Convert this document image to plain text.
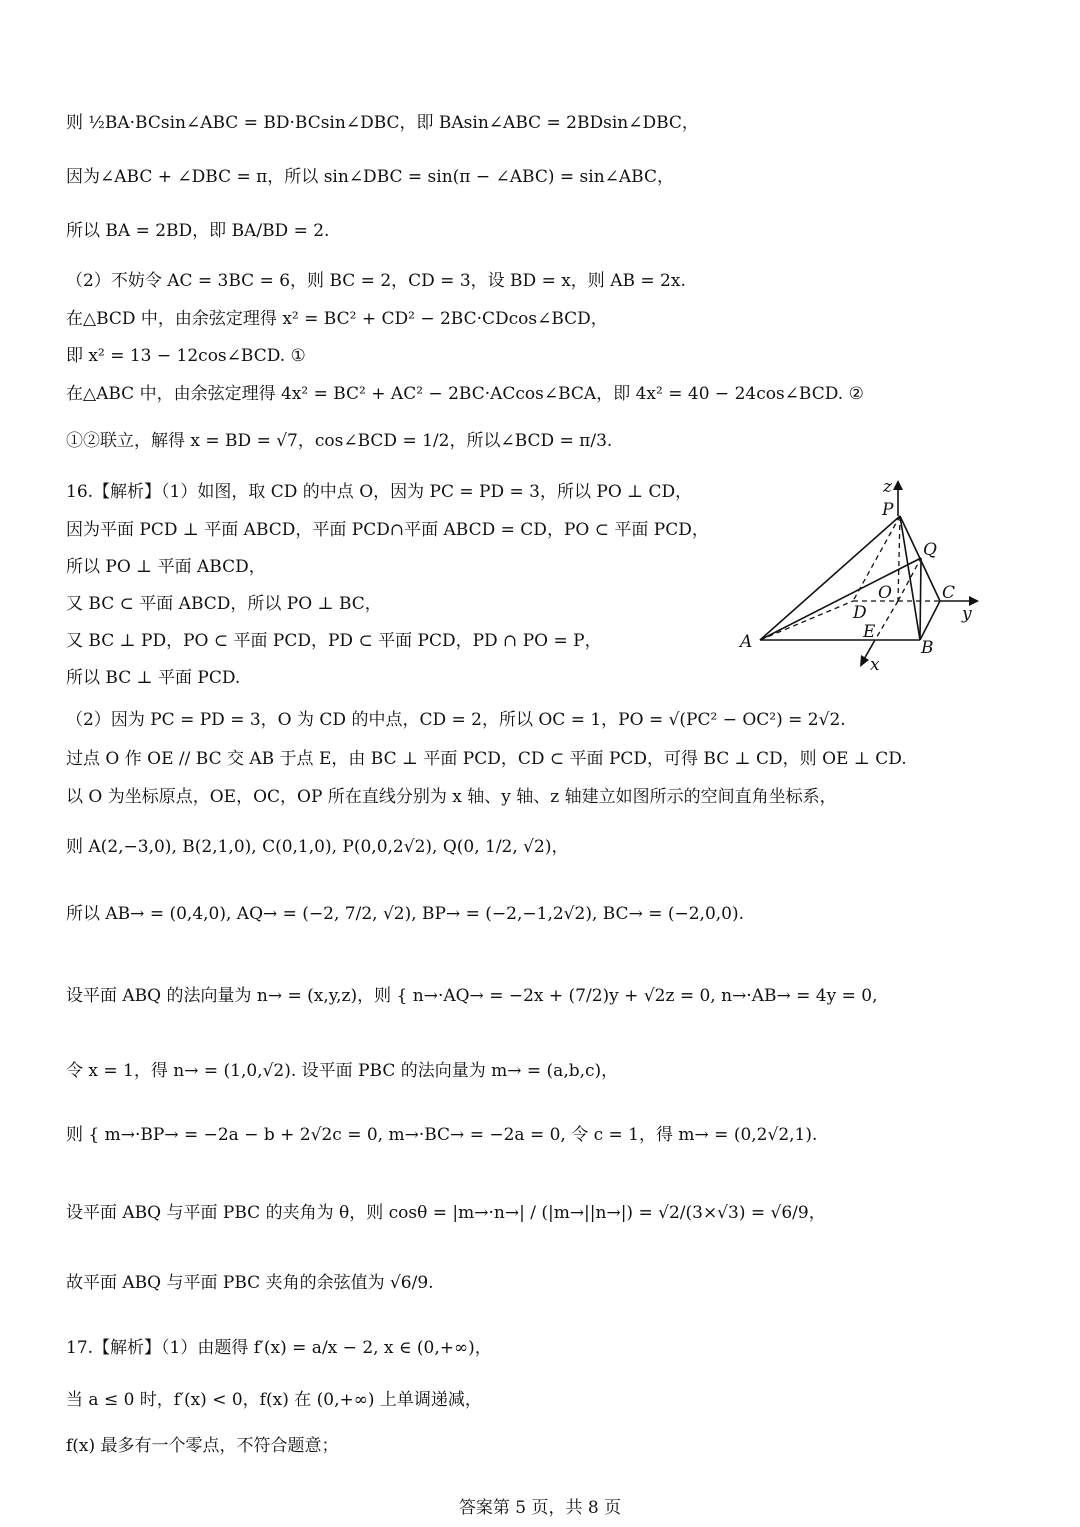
则 ½BA·BCsin∠ABC = BD·BCsin∠DBC，即 BAsin∠ABC = 2BDsin∠DBC，
因为∠ABC + ∠DBC = π，所以 sin∠DBC = sin(π − ∠ABC) = sin∠ABC，
所以 BA = 2BD，即 BA/BD = 2.
（2）不妨令 AC = 3BC = 6，则 BC = 2，CD = 3，设 BD = x，则 AB = 2x.
在△BCD 中，由余弦定理得 x² = BC² + CD² − 2BC·CDcos∠BCD，
即 x² = 13 − 12cos∠BCD. ①
在△ABC 中，由余弦定理得 4x² = BC² + AC² − 2BC·ACcos∠BCA，即 4x² = 40 − 24cos∠BCD. ②
①②联立，解得 x = BD = √7，cos∠BCD = 1/2，所以∠BCD = π/3.
16.【解析】（1）如图，取 CD 的中点 O，因为 PC = PD = 3，所以 PO ⊥ CD，
因为平面 PCD ⊥ 平面 ABCD，平面 PCD∩平面 ABCD = CD，PO ⊂ 平面 PCD，
所以 PO ⊥ 平面 ABCD，
又 BC ⊂ 平面 ABCD，所以 PO ⊥ BC，
又 BC ⊥ PD，PO ⊂ 平面 PCD，PD ⊂ 平面 PCD，PD ∩ PO = P，
所以 BC ⊥ 平面 PCD.
（2）因为 PC = PD = 3，O 为 CD 的中点，CD = 2，所以 OC = 1，PO = √(PC² − OC²) = 2√2.
过点 O 作 OE // BC 交 AB 于点 E，由 BC ⊥ 平面 PCD，CD ⊂ 平面 PCD，可得 BC ⊥ CD，则 OE ⊥ CD.
以 O 为坐标原点，OE，OC，OP 所在直线分别为 x 轴、y 轴、z 轴建立如图所示的空间直角坐标系，
则 A(2,−3,0), B(2,1,0), C(0,1,0), P(0,0,2√2), Q(0, 1/2, √2)，
所以 AB→ = (0,4,0), AQ→ = (−2, 7/2, √2), BP→ = (−2,−1,2√2), BC→ = (−2,0,0).
设平面 ABQ 的法向量为 n→ = (x,y,z)，则 { n→·AQ→ = −2x + (7/2)y + √2z = 0, n→·AB→ = 4y = 0,
令 x = 1，得 n→ = (1,0,√2). 设平面 PBC 的法向量为 m→ = (a,b,c)，
则 { m→·BP→ = −2a − b + 2√2c = 0, m→·BC→ = −2a = 0, 令 c = 1，得 m→ = (0,2√2,1).
设平面 ABQ 与平面 PBC 的夹角为 θ，则 cosθ = |m→·n→| / (|m→||n→|) = √2/(3×√3) = √6/9，
故平面 ABQ 与平面 PBC 夹角的余弦值为 √6/9.
17.【解析】（1）由题得 f′(x) = a/x − 2, x ∈ (0,+∞)，
当 a ≤ 0 时，f′(x) < 0，f(x) 在 (0,+∞) 上单调递减，
f(x) 最多有一个零点，不符合题意；
z
P
Q
O	C
D	y
E
A	B
x
答案第 5 页，共 8 页
